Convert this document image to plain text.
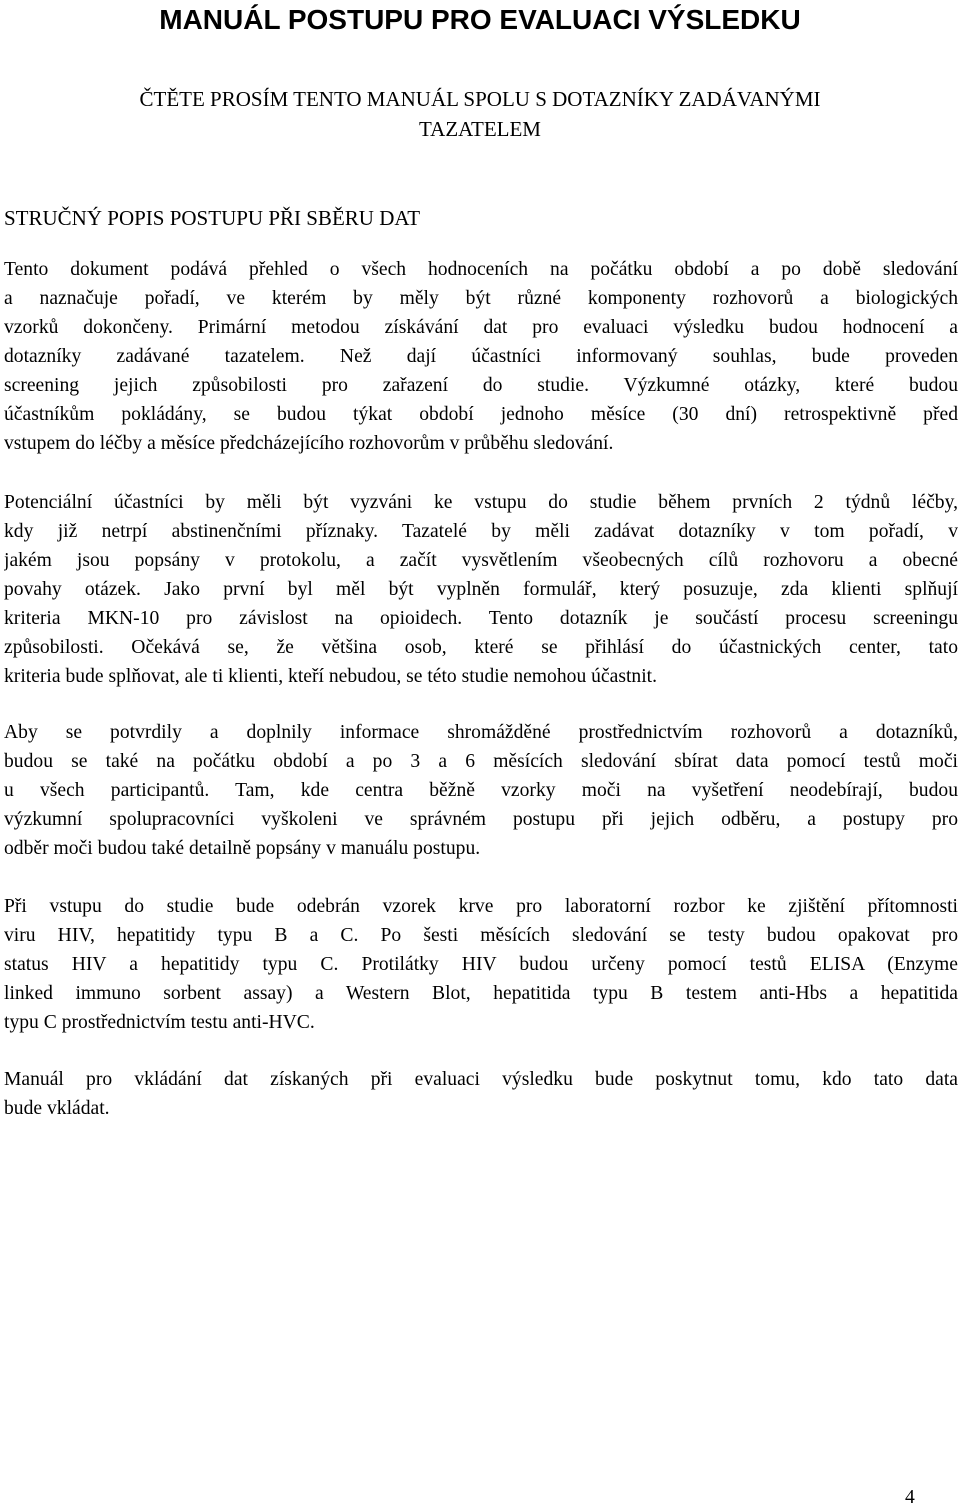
MANUÁL POSTUPU PRO EVALUACI VÝSLEDKU
ČTĚTE PROSÍM TENTO MANUÁL SPOLU S DOTAZNÍKY ZADÁVANÝMI
TAZATELEM
STRUČNÝ POPIS POSTUPU PŘI SBĚRU DAT

Tento dokument podává přehled o všech hodnoceních na počátku období a po době sledování
a naznačuje pořadí, ve kterém by měly být různé komponenty rozhovorů a biologických
vzorků dokončeny. Primární metodou získávání dat pro evaluaci výsledku budou hodnocení a
dotazníky zadávané tazatelem. Než dají účastníci informovaný souhlas, bude proveden
screening jejich způsobilosti pro zařazení do studie. Výzkumné otázky, které budou
účastníkům pokládány, se budou týkat období jednoho měsíce (30 dní) retrospektivně před
vstupem do léčby a měsíce předcházejícího rozhovorům v průběhu sledování.

Potenciální účastníci by měli být vyzváni ke vstupu do studie během prvních 2 týdnů léčby,
kdy již netrpí abstinenčními příznaky. Tazatelé by měli zadávat dotazníky v tom pořadí, v
jakém jsou popsány v protokolu, a začít vysvětlením všeobecných cílů rozhovoru a obecné
povahy otázek. Jako první byl měl být vyplněn formulář, který posuzuje, zda klienti splňují
kriteria MKN-10 pro závislost na opioidech. Tento dotazník je součástí procesu screeningu
způsobilosti. Očekává se, že většina osob, které se přihlásí do účastnických center, tato
kriteria bude splňovat, ale ti klienti, kteří nebudou, se této studie nemohou účastnit.

Aby se potvrdily a doplnily informace shromážděné prostřednictvím rozhovorů a dotazníků,
budou se také na počátku období a po 3 a 6 měsících sledování sbírat data pomocí testů moči
u všech participantů. Tam, kde centra běžně vzorky moči na vyšetření neodebírají, budou
výzkumní spolupracovníci vyškoleni ve správném postupu při jejich odběru, a postupy pro
odběr moči budou také detailně popsány v manuálu postupu.

Při vstupu do studie bude odebrán vzorek krve pro laboratorní rozbor ke zjištění přítomnosti
viru HIV, hepatitidy typu B a C. Po šesti měsících sledování se testy budou opakovat pro
status HIV a hepatitidy typu C. Protilátky HIV budou určeny pomocí testů ELISA (Enzyme
linked immuno sorbent assay) a Western Blot, hepatitida typu B testem anti-Hbs a hepatitida
typu C prostřednictvím testu anti-HVC.

Manuál pro vkládání dat získaných při evaluaci výsledku bude poskytnut tomu, kdo tato data
bude vkládat.

4
